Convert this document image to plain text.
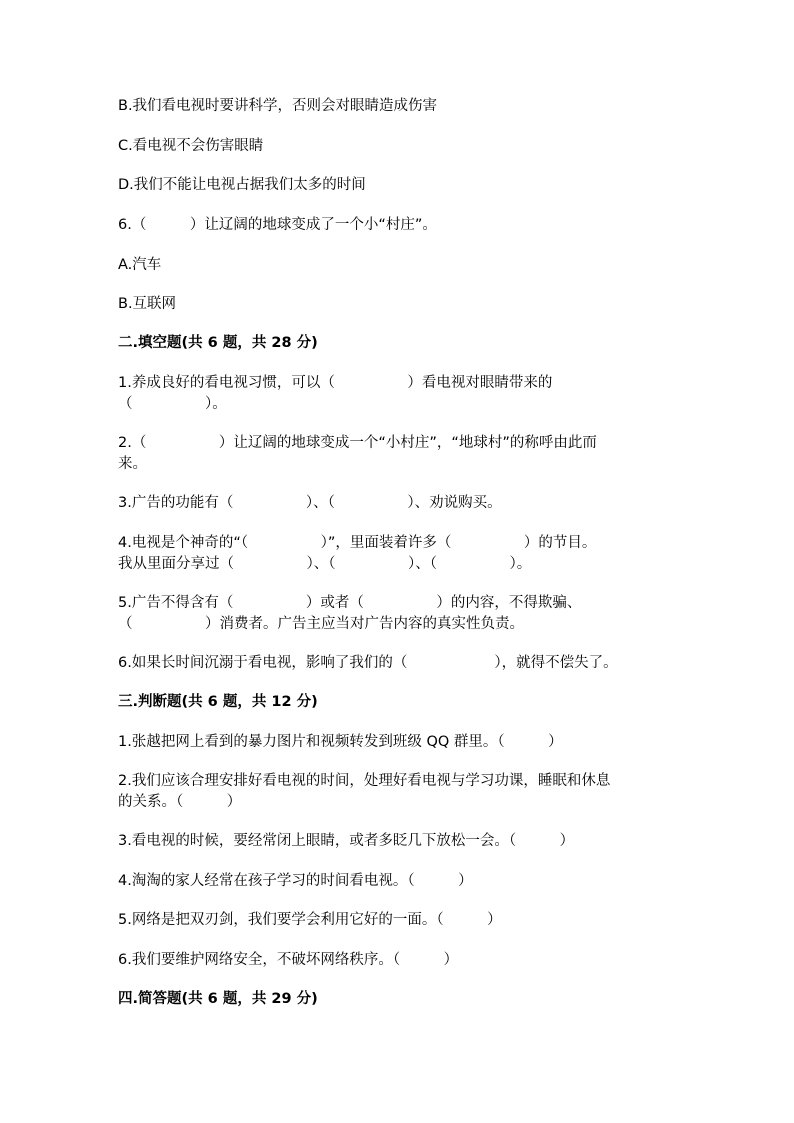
B.我们看电视时要讲科学，否则会对眼睛造成伤害

C.看电视不会伤害眼睛

D.我们不能让电视占据我们太多的时间

6.（　　　）让辽阔的地球变成了一个小“村庄”。

A.汽车

B.互联网

二.填空题(共 6 题，共 28 分)

1.养成良好的看电视习惯，可以（　　　　　）看电视对眼睛带来的

（　　　　　）。

2.（　　　　　）让辽阔的地球变成一个“小村庄”，“地球村”的称呼由此而

来。

3.广告的功能有（　　　　　）、（　　　　　）、劝说购买。

4.电视是个神奇的“（　　　　　）”，里面装着许多（　　　　　）的节目。

我从里面分享过（　　　　　）、（　　　　　）、（　　　　　）。

5.广告不得含有（　　　　　）或者（　　　　　）的内容，不得欺骗、

（　　　　　）消费者。广告主应当对广告内容的真实性负责。

6.如果长时间沉溺于看电视，影响了我们的（　　　　　　），就得不偿失了。

三.判断题(共 6 题，共 12 分)

1.张越把网上看到的暴力图片和视频转发到班级 QQ 群里。（　　　）

2.我们应该合理安排好看电视的时间，处理好看电视与学习功课，睡眠和休息

的关系。（　　　）

3.看电视的时候，要经常闭上眼睛，或者多眨几下放松一会。（　　　）

4.淘淘的家人经常在孩子学习的时间看电视。（　　　）

5.网络是把双刃剑，我们要学会利用它好的一面。（　　　）

6.我们要维护网络安全，不破坏网络秩序。（　　　）

四.简答题(共 6 题，共 29 分)
